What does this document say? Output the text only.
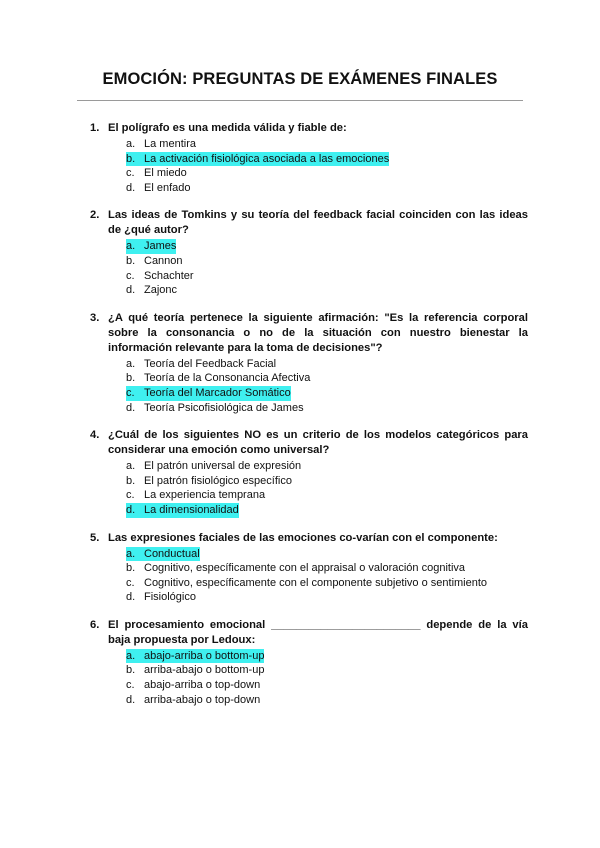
EMOCIÓN: PREGUNTAS DE EXÁMENES FINALES
1. El polígrafo es una medida válida y fiable de:
a. La mentira
b. La activación fisiológica asociada a las emociones
c. El miedo
d. El enfado
2. Las ideas de Tomkins y su teoría del feedback facial coinciden con las ideas de ¿qué autor?
a. James
b. Cannon
c. Schachter
d. Zajonc
3. ¿A qué teoría pertenece la siguiente afirmación: "Es la referencia corporal sobre la consonancia o no de la situación con nuestro bienestar la información relevante para la toma de decisiones"?
a. Teoría del Feedback Facial
b. Teoría de la Consonancia Afectiva
c. Teoría del Marcador Somático
d. Teoría Psicofisiológica de James
4. ¿Cuál de los siguientes NO es un criterio de los modelos categóricos para considerar una emoción como universal?
a. El patrón universal de expresión
b. El patrón fisiológico específico
c. La experiencia temprana
d. La dimensionalidad
5. Las expresiones faciales de las emociones co-varían con el componente:
a. Conductual
b. Cognitivo, específicamente con el appraisal o valoración cognitiva
c. Cognitivo, específicamente con el componente subjetivo o sentimiento
d. Fisiológico
6. El procesamiento emocional ________________________ depende de la vía baja propuesta por Ledoux:
a. abajo-arriba o bottom-up
b. arriba-abajo o bottom-up
c. abajo-arriba o top-down
d. arriba-abajo o top-down
